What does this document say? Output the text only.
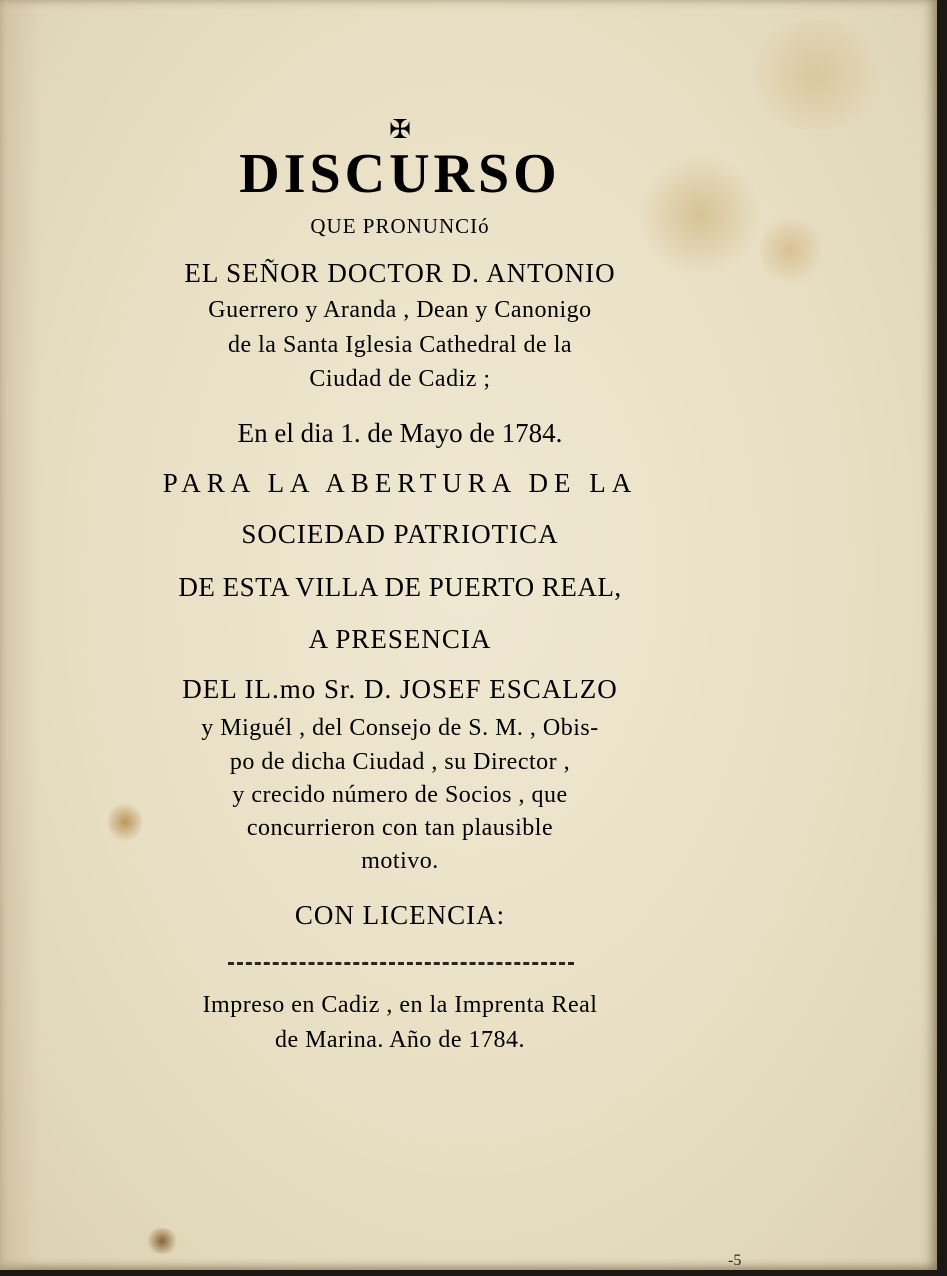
✠
DISCURSO
QUE PRONUNCIó
EL SEÑOR DOCTOR D. ANTONIO
Guerrero y Aranda , Dean y Canonigo
de la Santa Iglesia Cathedral de la
Ciudad de Cadiz ;
En el dia 1. de Mayo de 1784.
PARA LA ABERTURA DE LA
SOCIEDAD PATRIOTICA
DE ESTA VILLA DE PUERTO REAL,
A PRESENCIA
DEL IL.mo Sr. D. JOSEF ESCALZO
y Miguél , del Consejo de S. M. , Obis-
po de dicha Ciudad , su Director ,
y crecido número de Socios , que
concurrieron con tan plausible
motivo.
CON LICENCIA:
Impreso en Cadiz , en la Imprenta Real
de Marina. Año de 1784.
-5
